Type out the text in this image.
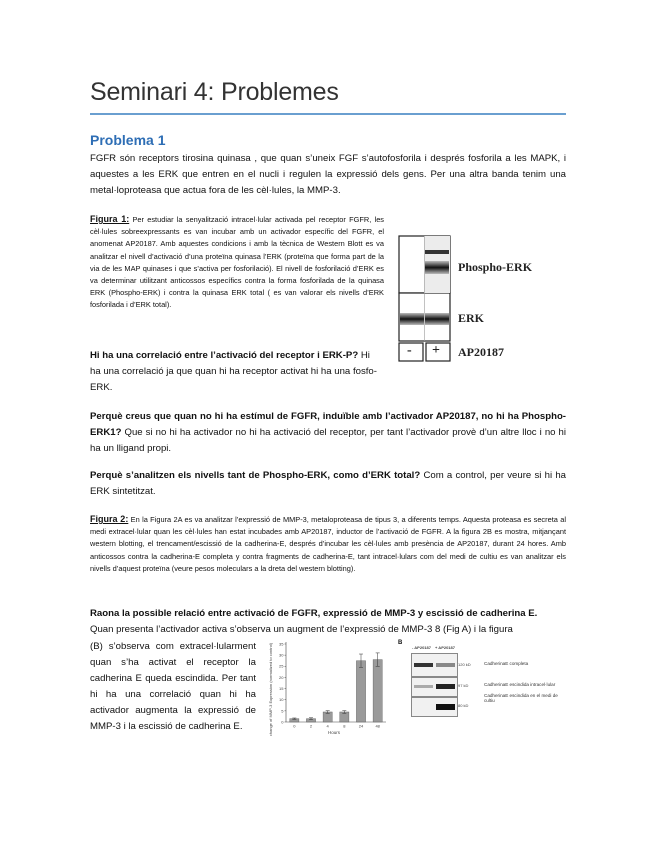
Seminari 4: Problemes
Problema 1
FGFR són receptors tirosina quinasa , que quan s’uneix FGF s’autofosforila i després fosforila a les MAPK, i aquestes a les ERK que entren en el nucli i regulen la expressió dels gens. Per una altra banda tenim una metal·loproteasa que actua fora de les cèl·lules, la MMP-3.
Figura 1: Per estudiar la senyalització intracel·lular activada pel receptor FGFR, les cèl·lules sobreexpressants es van incubar amb un activador específic del FGFR, el anomenat AP20187. Amb aquestes condicions i amb la tècnica de Western Blott es va analitzar el nivell d’activació d’una proteïna quinasa l’ERK (proteïna que forma part de la via de les MAP quinases i que s’activa per fosforilació). El nivell de fosforilació d’ERK es va determinar utilitzant anticossos específics contra la forma fosforilada de la quinasa ERK (Phospho-ERK) i contra la quinasa ERK total ( es van valorar els nivells d’ERK fosforilada i d’ERK total).
Phospho-ERK
ERK
- + AP20187
Hi ha una correlació entre l’activació del receptor i ERK-P? Hi ha una correlació ja que quan hi ha receptor activat hi ha una fosfo-ERK.
Perquè creus que quan no hi ha estímul de FGFR, induïble amb l’activador AP20187, no hi ha Phospho-ERK1? Que si no hi ha activador no hi ha activació del receptor, per tant l’activador provè d’un altre lloc i no hi ha un lligand propi.
Perquè s’analitzen els nivells tant de Phospho-ERK, como d’ERK total? Com a control, per veure si hi ha ERK sintetitzat.
Figura 2: En la Figura 2A es va analitzar l’expressió de MMP-3, metaloproteasa de tipus 3, a diferents temps. Aquesta proteasa es secreta al medi extracel·lular quan les cèl·lules han estat incubades amb AP20187, inductor de l’activació de FGFR. A la figura 2B es mostra, mitjançant western blotting, el trencament/escissió de la cadherina-E, després d’incubar les cèl·lules amb presència de AP20187, durant 24 hores. Amb anticossos contra la cadherina-E completa y contra fragments de cadherina-E, tant intracel·lulars com del medi de cultiu es van analitzar els nivells d’aquest proteïna (veure pesos moleculars a la dreta del western blotting).
Raona la possible relació entre activació de FGFR, expressió de MMP-3 y escissió de cadherina E.
Quan presenta l’activador activa s’observa un augment de l’expressió de MMP-3 8 (Fig A) i la figura
(B) s’observa com extracel·lularment quan s’ha activat el receptor la cadherina E queda escindida. Per tant hi ha una correlació quan hi ha activador augmenta la expressió de MMP-3 i la escissió de cadherina E.	Fold change of MMP-3 Expression (normalized to control)	Hours
0
5
10
15
20
25
30
35
0	2	4	8	24	48
B
- AP20187 + AP20187
120 kD
97 kD
80 kD
CadherinaE completa
CadherinaE escindida intracel·lular
CadherinaE escindida en el medi de cultiu
